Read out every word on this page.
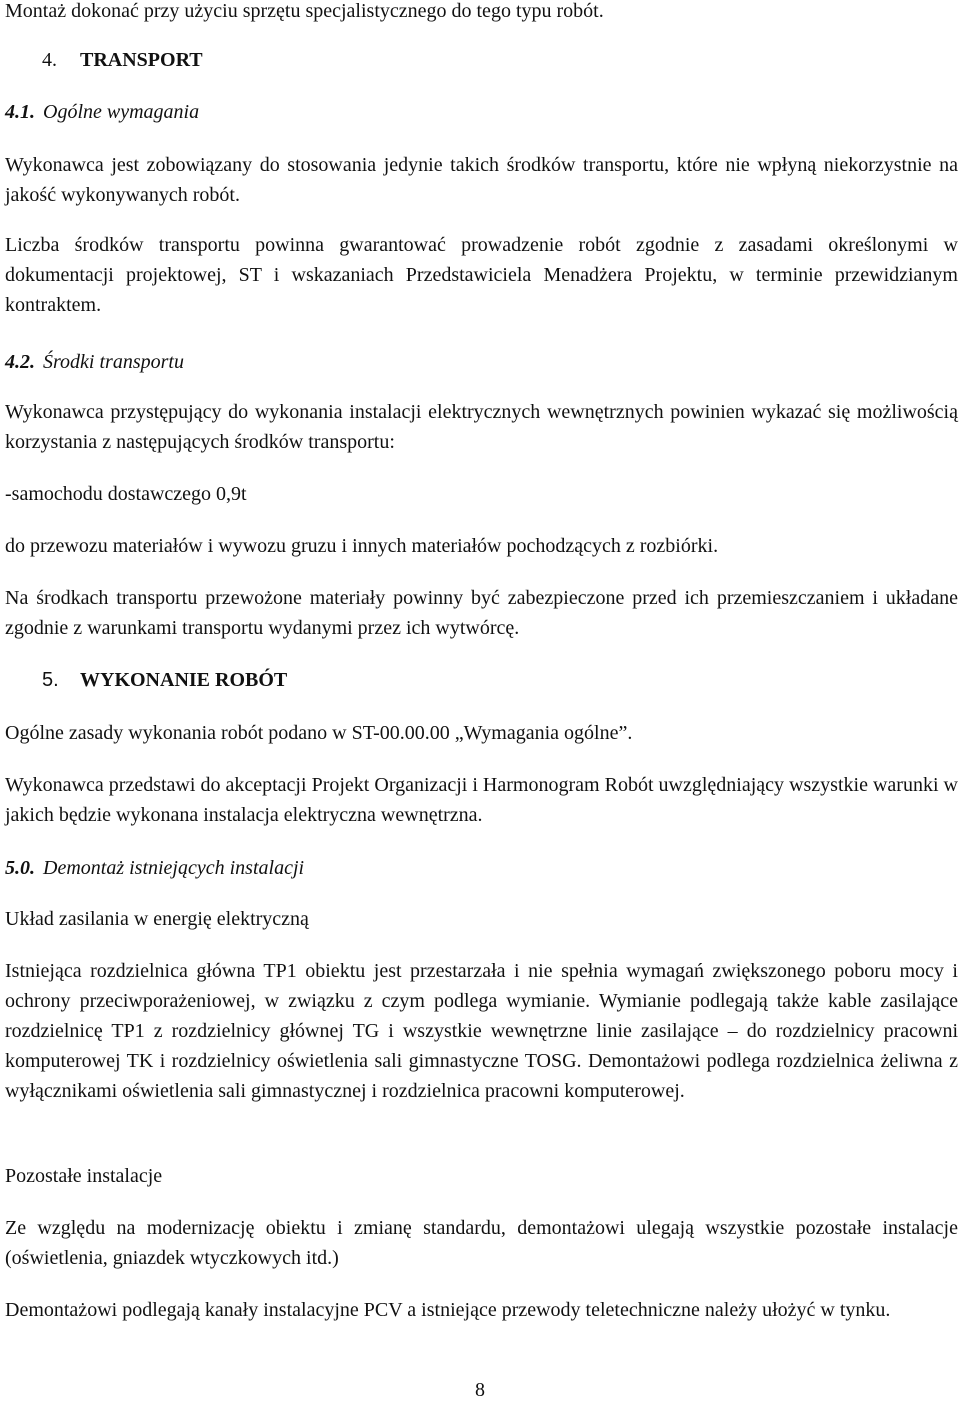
Montaż dokonać przy użyciu sprzętu specjalistycznego do tego typu robót.

4.	TRANSPORT
4.1. Ogólne wymagania

Wykonawca jest zobowiązany do stosowania jedynie takich środków transportu, które nie wpłyną niekorzystnie na jakość wykonywanych robót.

Liczba środków transportu powinna gwarantować prowadzenie robót zgodnie z zasadami określonymi w dokumentacji projektowej, ST i wskazaniach Przedstawiciela Menadżera Projektu, w terminie przewidzianym kontraktem.

4.2. Środki transportu

Wykonawca przystępujący do wykonania instalacji elektrycznych wewnętrznych powinien wykazać się możliwością korzystania z następujących środków transportu:

-samochodu dostawczego 0,9t

do przewozu materiałów i wywozu gruzu i innych materiałów pochodzących z rozbiórki.

Na środkach transportu przewożone materiały powinny być zabezpieczone przed ich przemieszczaniem i układane zgodnie z warunkami transportu wydanymi przez ich wytwórcę.

5.	WYKONANIE ROBÓT

Ogólne zasady wykonania robót podano w ST-00.00.00 „Wymagania ogólne”.

Wykonawca przedstawi do akceptacji Projekt Organizacji i Harmonogram Robót uwzględniający wszystkie warunki w jakich będzie wykonana instalacja elektryczna wewnętrzna.

5.0. Demontaż istniejących instalacji

Układ zasilania w energię elektryczną

Istniejąca rozdzielnica główna TP1 obiektu jest przestarzała i nie spełnia wymagań zwiększonego poboru mocy i ochrony przeciwporażeniowej, w związku z czym podlega wymianie. Wymianie podlegają także kable zasilające rozdzielnicę TP1 z rozdzielnicy głównej TG i wszystkie wewnętrzne linie zasilające – do rozdzielnicy pracowni komputerowej TK i rozdzielnicy oświetlenia sali gimnastyczne TOSG. Demontażowi podlega rozdzielnica żeliwna z wyłącznikami oświetlenia sali gimnastycznej i rozdzielnica pracowni komputerowej.

Pozostałe instalacje

Ze względu na modernizację obiektu i zmianę standardu, demontażowi ulegają wszystkie pozostałe instalacje (oświetlenia, gniazdek wtyczkowych itd.)

Demontażowi podlegają kanały instalacyjne PCV a istniejące przewody teletechniczne należy ułożyć w tynku.

8
